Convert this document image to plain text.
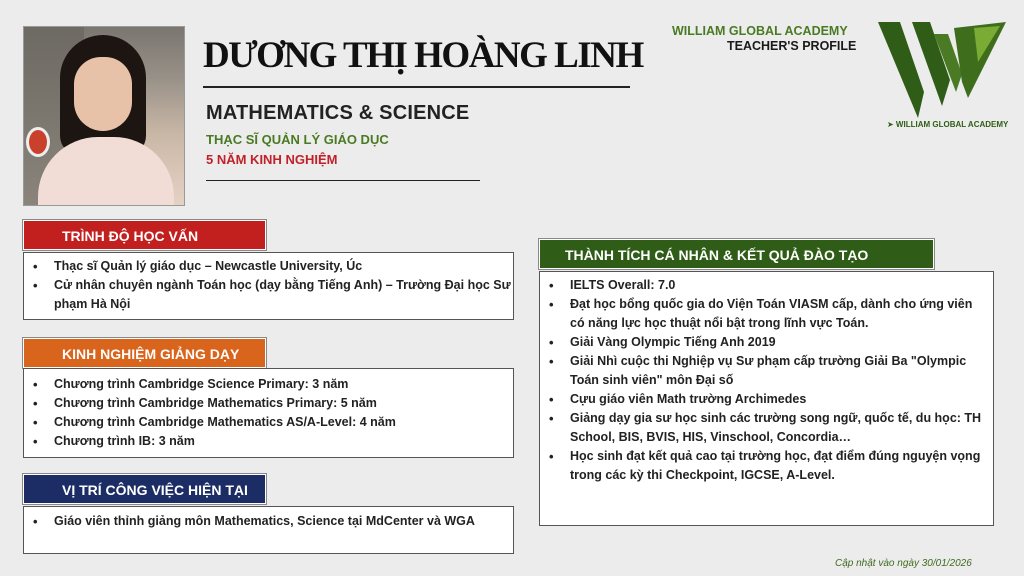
DƯƠNG THỊ HOÀNG LINH
MATHEMATICS & SCIENCE
THẠC SĨ QUẢN LÝ GIÁO DỤC
5 NĂM KINH NGHIỆM
WILLIAM GLOBAL ACADEMY
TEACHER'S PROFILE
➤ WILLIAM GLOBAL ACADEMY
TRÌNH ĐỘ HỌC VẤN
• Thạc sĩ Quản lý giáo dục – Newcastle University, Úc
• Cử nhân chuyên ngành Toán học (dạy bằng Tiếng Anh) – Trường Đại học Sư phạm Hà Nội
KINH NGHIỆM GIẢNG DẠY
• Chương trình Cambridge Science Primary: 3 năm
• Chương trình Cambridge Mathematics Primary: 5 năm
• Chương trình Cambridge Mathematics AS/A-Level: 4 năm
• Chương trình IB: 3 năm
VỊ TRÍ CÔNG VIỆC HIỆN TẠI
• Giáo viên thỉnh giảng môn Mathematics, Science tại MdCenter và WGA
THÀNH TÍCH CÁ NHÂN & KẾT QUẢ ĐÀO TẠO
• IELTS Overall: 7.0
• Đạt học bổng quốc gia do Viện Toán VIASM cấp, dành cho ứng viên có năng lực học thuật nổi bật trong lĩnh vực Toán.
• Giải Vàng Olympic Tiếng Anh 2019
• Giải Nhì cuộc thi Nghiệp vụ Sư phạm cấp trường Giải Ba "Olympic Toán sinh viên" môn Đại số
• Cựu giáo viên Math trường Archimedes
• Giảng dạy gia sư học sinh các trường song ngữ, quốc tế, du học: TH School, BIS, BVIS, HIS, Vinschool, Concordia…
• Học sinh đạt kết quả cao tại trường học, đạt điểm đúng nguyện vọng trong các kỳ thi Checkpoint, IGCSE, A-Level.
Cập nhật vào ngày 30/01/2026
